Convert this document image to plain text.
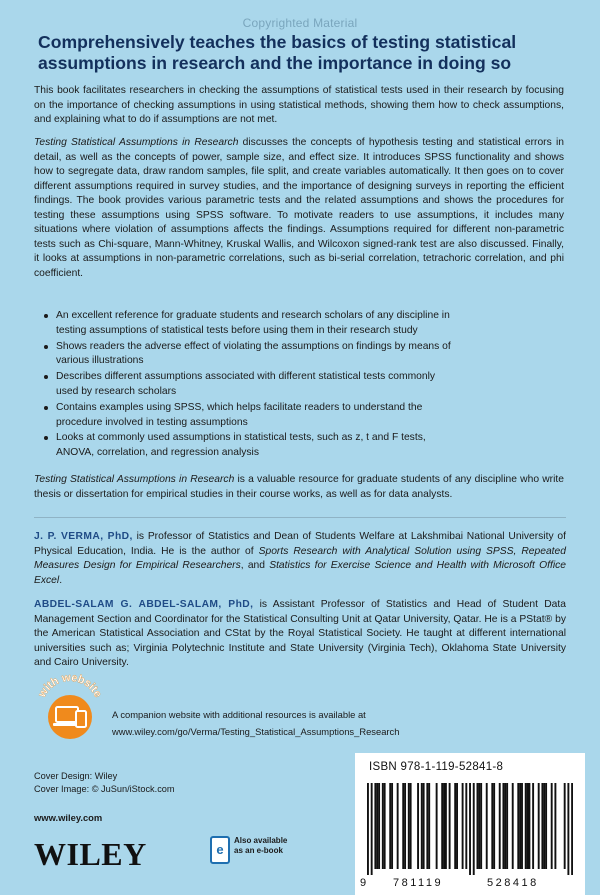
Copyrighted Material
Comprehensively teaches the basics of testing statistical assumptions in research and the importance in doing so

This book facilitates researchers in checking the assumptions of statistical tests used in their research by focusing on the importance of checking assumptions in using statistical methods, showing them how to check assumptions, and explaining what to do if assumptions are not met.

Testing Statistical Assumptions in Research discusses the concepts of hypothesis testing and statistical errors in detail, as well as the concepts of power, sample size, and effect size. It introduces SPSS functionality and shows how to segregate data, draw random samples, file split, and create variables automatically. It then goes on to cover different assumptions required in survey studies, and the importance of designing surveys in reporting the efficient findings. The book provides various parametric tests and the related assumptions and shows the procedures for testing these assumptions using SPSS software. To motivate readers to use assumptions, it includes many situations where violation of assumptions affects the findings. Assumptions required for different non-parametric tests such as Chi-square, Mann-Whitney, Kruskal Wallis, and Wilcoxon signed-rank test are also discussed. Finally, it looks at assumptions in non-parametric correlations, such as bi-serial correlation, tetrachoric correlation, and phi coefficient.

An excellent reference for graduate students and research scholars of any discipline in testing assumptions of statistical tests before using them in their research study
Shows readers the adverse effect of violating the assumptions on findings by means of various illustrations
Describes different assumptions associated with different statistical tests commonly used by research scholars
Contains examples using SPSS, which helps facilitate readers to understand the procedure involved in testing assumptions
Looks at commonly used assumptions in statistical tests, such as z, t and F tests, ANOVA, correlation, and regression analysis

Testing Statistical Assumptions in Research is a valuable resource for graduate students of any discipline who write thesis or dissertation for empirical studies in their course works, as well as for data analysts.

J. P. VERMA, PhD, is Professor of Statistics and Dean of Students Welfare at Lakshmibai National University of Physical Education, India. He is the author of Sports Research with Analytical Solution using SPSS, Repeated Measures Design for Empirical Researchers, and Statistics for Exercise Science and Health with Microsoft Office Excel.

ABDEL-SALAM G. ABDEL-SALAM, PhD, is Assistant Professor of Statistics and Head of Student Data Management Section and Coordinator for the Statistical Consulting Unit at Qatar University, Qatar. He is a PStat® by the American Statistical Association and CStat by the Royal Statistical Society. He taught at different international universities such as; Virginia Polytechnic Institute and State University (Virginia Tech), Oklahoma State University and Cairo University.

with website
A companion website with additional resources is available at
www.wiley.com/go/Verma/Testing_Statistical_Assumptions_Research
Cover Design: Wiley
Cover Image: © JuSun/iStock.com
www.wiley.com
WILEY	e
Also available
as an e-book
ISBN 978-1-119-52841-8
9 781119	528418
